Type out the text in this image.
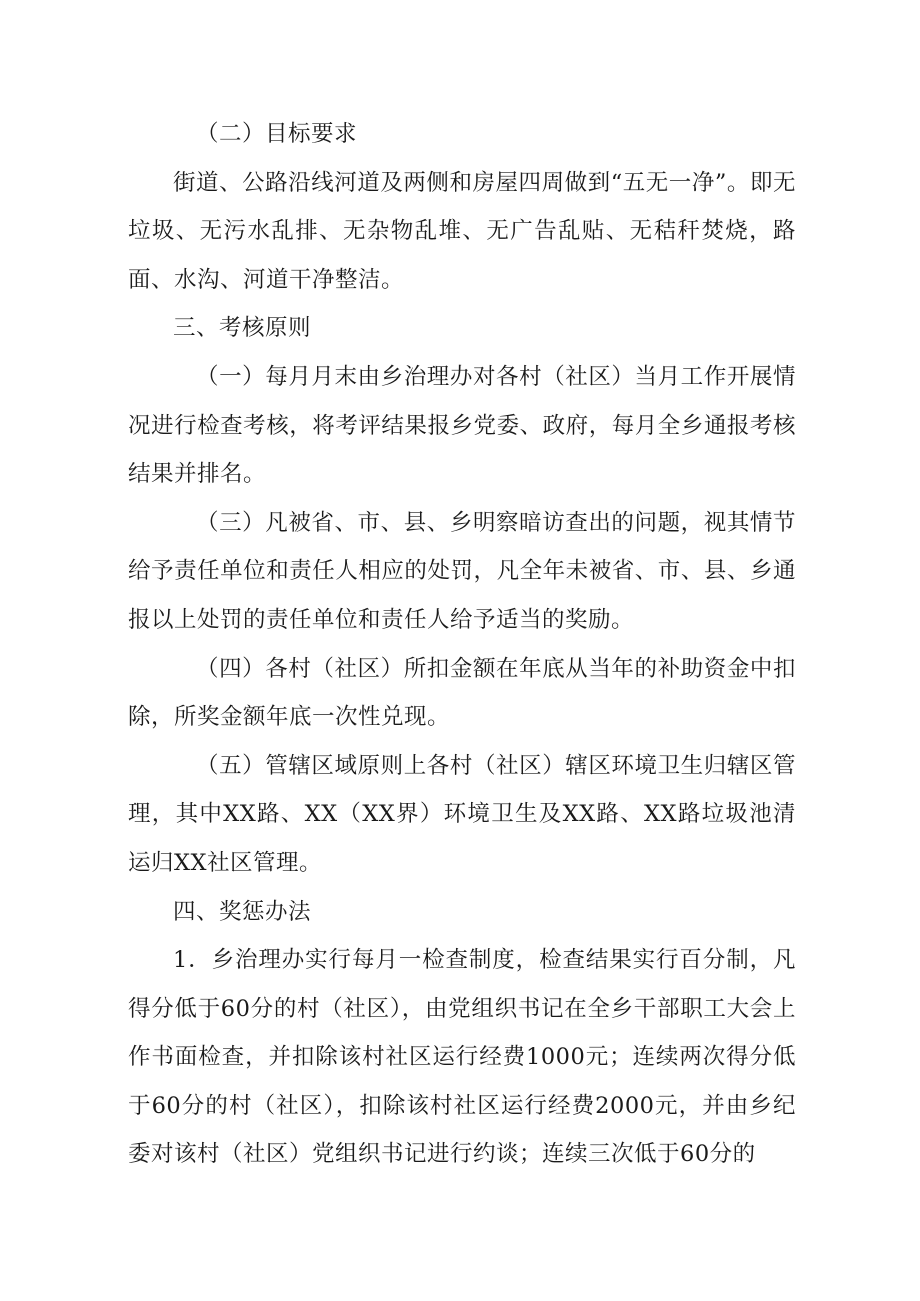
（二）目标要求

街道、公路沿线河道及两侧和房屋四周做到“五无一净”。即无垃圾、无污水乱排、无杂物乱堆、无广告乱贴、无秸秆焚烧，路面、水沟、河道干净整洁。

三、考核原则

（一）每月月末由乡治理办对各村（社区）当月工作开展情况进行检查考核，将考评结果报乡党委、政府，每月全乡通报考核结果并排名。

（三）凡被省、市、县、乡明察暗访查出的问题，视其情节给予责任单位和责任人相应的处罚，凡全年未被省、市、县、乡通报以上处罚的责任单位和责任人给予适当的奖励。

（四）各村（社区）所扣金额在年底从当年的补助资金中扣除，所奖金额年底一次性兑现。

（五）管辖区域原则上各村（社区）辖区环境卫生归辖区管理，其中XX路、XX（XX界）环境卫生及XX路、XX路垃圾池清运归XX社区管理。

四、奖惩办法

1．乡治理办实行每月一检查制度，检查结果实行百分制，凡得分低于60分的村（社区），由党组织书记在全乡干部职工大会上作书面检查，并扣除该村社区运行经费1000元；连续两次得分低于60分的村（社区），扣除该村社区运行经费2000元，并由乡纪委对该村（社区）党组织书记进行约谈；连续三次低于60分的
